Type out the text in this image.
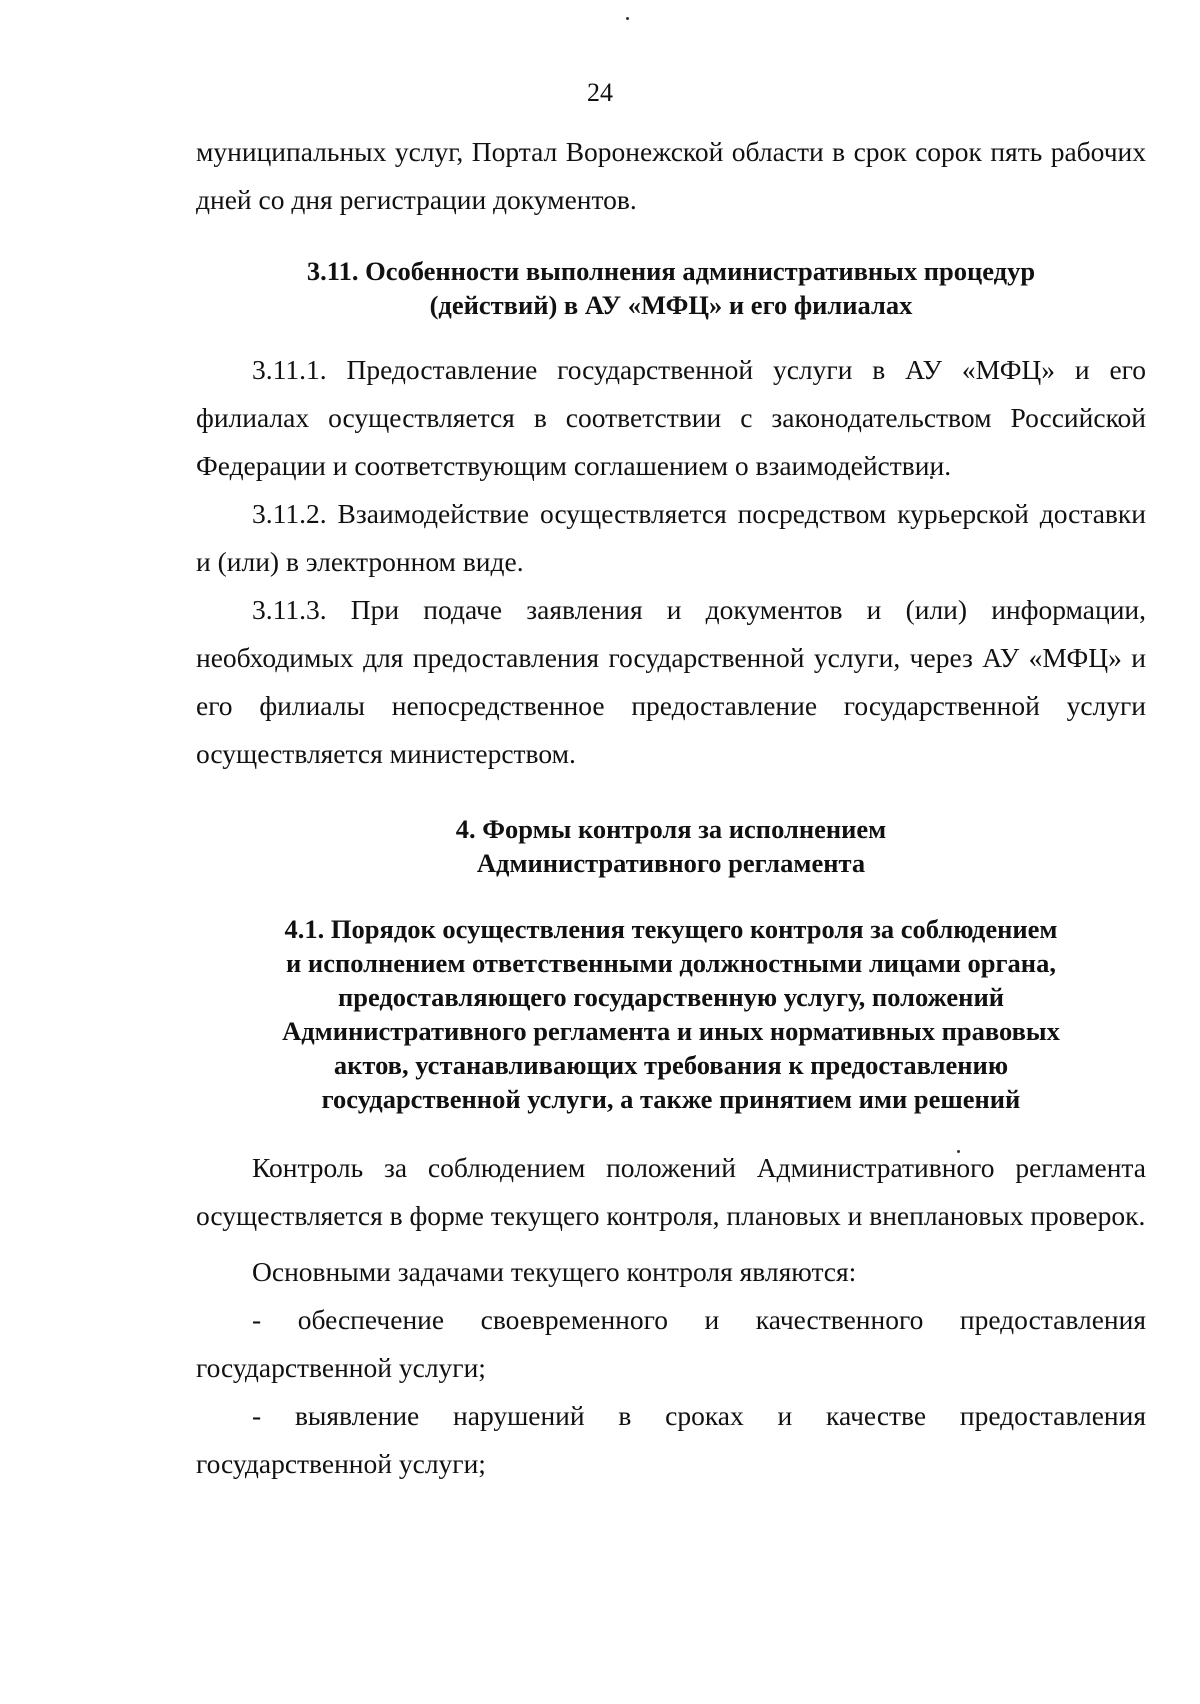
24

муниципальных услуг, Портал Воронежской области в срок сорок пять рабочих дней со дня регистрации документов.

3.11. Особенности выполнения административных процедур
(действий) в АУ «МФЦ» и его филиалах

3.11.1. Предоставление государственной услуги в АУ «МФЦ» и его филиалах осуществляется в соответствии с законодательством Российской Федерации и соответствующим соглашением о взаимодействии.

3.11.2. Взаимодействие осуществляется посредством курьерской доставки и (или) в электронном виде.

3.11.3. При подаче заявления и документов и (или) информации, необходимых для предоставления государственной услуги, через АУ «МФЦ» и его филиалы непосредственное предоставление государственной услуги осуществляется министерством.

4. Формы контроля за исполнением
Административного регламента
4.1. Порядок осуществления текущего контроля за соблюдением
и исполнением ответственными должностными лицами органа,
предоставляющего государственную услугу, положений
Административного регламента и иных нормативных правовых
актов, устанавливающих требования к предоставлению
государственной услуги, а также принятием ими решений

Контроль за соблюдением положений Административного регламента осуществляется в форме текущего контроля, плановых и внеплановых проверок.

Основными задачами текущего контроля являются:

- обеспечение своевременного и качественного предоставления государственной услуги;

- выявление нарушений в сроках и качестве предоставления государственной услуги;
